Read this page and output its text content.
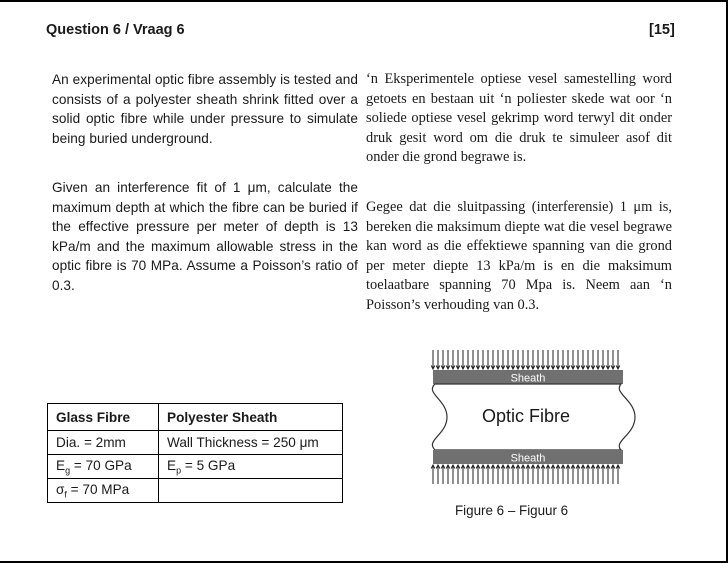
Question 6 / Vraag 6	[15]
An experimental optic fibre assembly is tested and consists of a polyester sheath shrink fitted over a solid optic fibre while under pressure to simulate being buried underground.
Given an interference fit of 1 μm, calculate the maximum depth at which the fibre can be buried if the effective pressure per meter of depth is 13 kPa/m and the maximum allowable stress in the optic fibre is 70 MPa. Assume a Poisson’s ratio of 0.3.
‘n Eksperimentele optiese vesel samestelling word getoets en bestaan uit ‘n poliester skede wat oor ‘n soliede optiese vesel gekrimp word terwyl dit onder druk gesit word om die druk te simuleer asof dit onder die grond begrawe is.
Gegee dat die sluitpassing (interferensie) 1 μm is, bereken die maksimum diepte wat die vesel begrawe kan word as die effektiewe spanning van die grond per meter diepte 13 kPa/m is en die maksimum toelaatbare spanning 70 Mpa is. Neem aan ‘n Poisson’s verhouding van 0.3.
Glass Fibre	Polyester Sheath
Dia. = 2mm	Wall Thickness = 250 μm
$E_g = 70$ GPa	$E_p = 5$ GPa
$\sigma_f = 70$ MPa	
Sheath
Optic Fibre
Sheath
Figure 6 – Figuur 6
